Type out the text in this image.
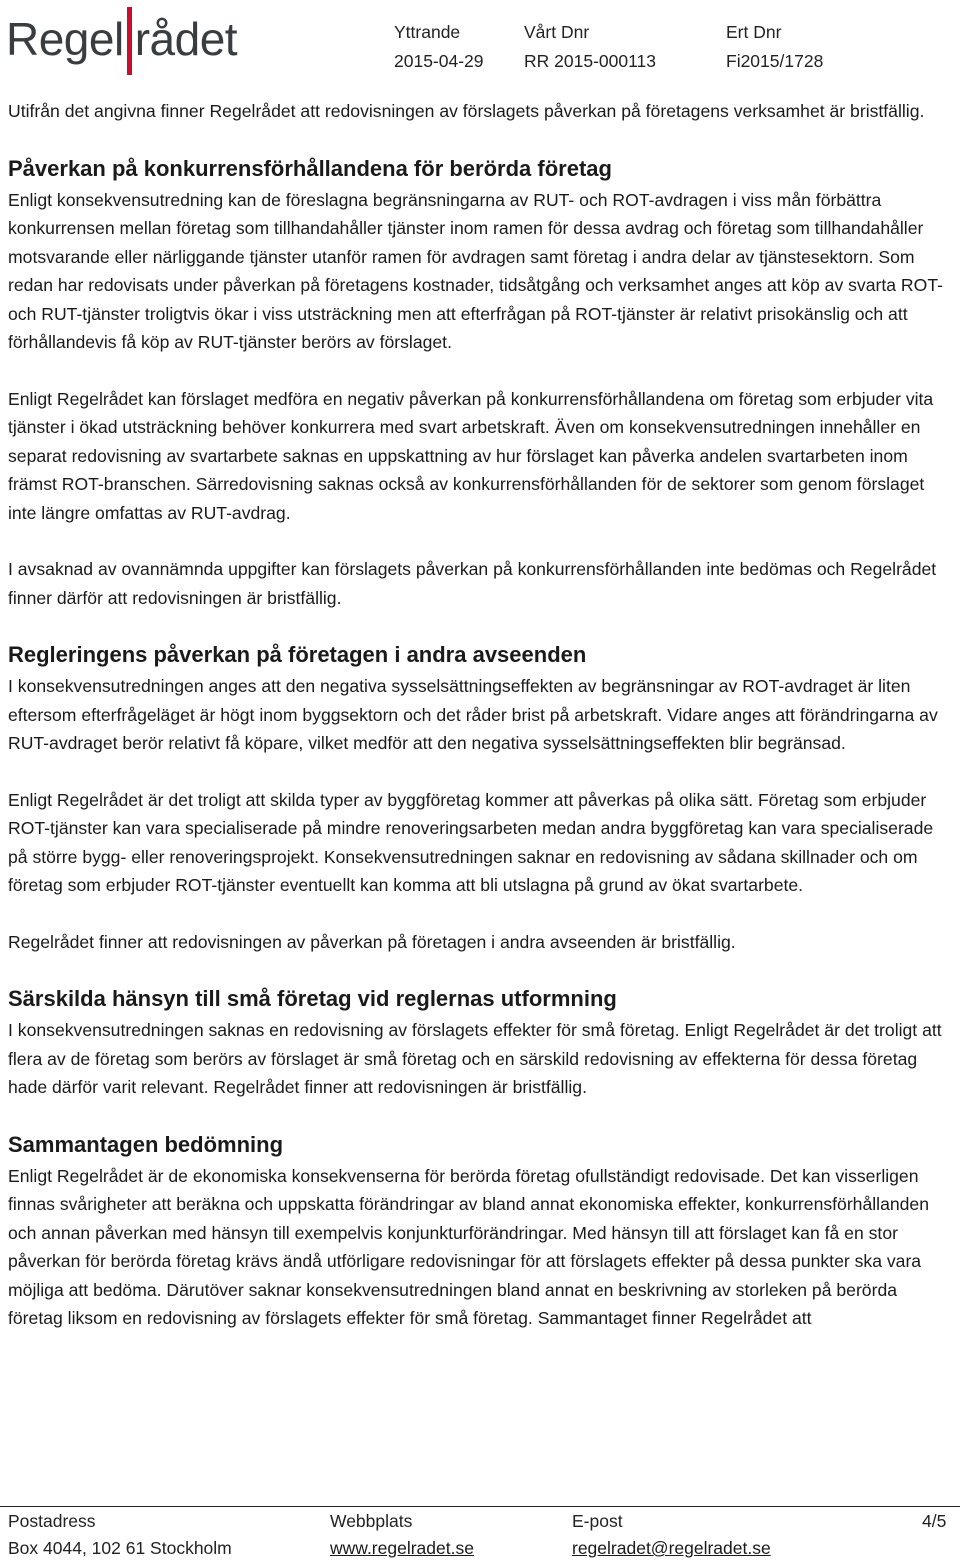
Regel rådet	Yttrande
2015-04-29
Vårt Dnr
RR 2015-000113
Ert Dnr
Fi2015/1728

Utifrån det angivna finner Regelrådet att redovisningen av förslagets påverkan på företagens verksamhet är bristfällig.

Påverkan på konkurrensförhållandena för berörda företag

Enligt konsekvensutredning kan de föreslagna begränsningarna av RUT- och ROT-avdragen i viss mån förbättra konkurrensen mellan företag som tillhandahåller tjänster inom ramen för dessa avdrag och företag som tillhandahåller motsvarande eller närliggande tjänster utanför ramen för avdragen samt företag i andra delar av tjänstesektorn. Som redan har redovisats under påverkan på företagens kostnader, tidsåtgång och verksamhet anges att köp av svarta ROT- och RUT-tjänster troligtvis ökar i viss utsträckning men att efterfrågan på ROT-tjänster är relativt prisokänslig och att förhållandevis få köp av RUT-tjänster berörs av förslaget.

Enligt Regelrådet kan förslaget medföra en negativ påverkan på konkurrensförhållandena om företag som erbjuder vita tjänster i ökad utsträckning behöver konkurrera med svart arbetskraft. Även om konsekvensutredningen innehåller en separat redovisning av svartarbete saknas en uppskattning av hur förslaget kan påverka andelen svartarbeten inom främst ROT-branschen. Särredovisning saknas också av konkurrensförhållanden för de sektorer som genom förslaget inte längre omfattas av RUT-avdrag.

I avsaknad av ovannämnda uppgifter kan förslagets påverkan på konkurrensförhållanden inte bedömas och Regelrådet finner därför att redovisningen är bristfällig.

Regleringens påverkan på företagen i andra avseenden

I konsekvensutredningen anges att den negativa sysselsättningseffekten av begränsningar av ROT-avdraget är liten eftersom efterfrågeläget är högt inom byggsektorn och det råder brist på arbetskraft. Vidare anges att förändringarna av RUT-avdraget berör relativt få köpare, vilket medför att den negativa sysselsättningseffekten blir begränsad.

Enligt Regelrådet är det troligt att skilda typer av byggföretag kommer att påverkas på olika sätt. Företag som erbjuder ROT-tjänster kan vara specialiserade på mindre renoveringsarbeten medan andra byggföretag kan vara specialiserade på större bygg- eller renoveringsprojekt. Konsekvensutredningen saknar en redovisning av sådana skillnader och om företag som erbjuder ROT-tjänster eventuellt kan komma att bli utslagna på grund av ökat svartarbete.

Regelrådet finner att redovisningen av påverkan på företagen i andra avseenden är bristfällig.

Särskilda hänsyn till små företag vid reglernas utformning

I konsekvensutredningen saknas en redovisning av förslagets effekter för små företag. Enligt Regelrådet är det troligt att flera av de företag som berörs av förslaget är små företag och en särskild redovisning av effekterna för dessa företag hade därför varit relevant. Regelrådet finner att redovisningen är bristfällig.

Sammantagen bedömning

Enligt Regelrådet är de ekonomiska konsekvenserna för berörda företag ofullständigt redovisade. Det kan visserligen finnas svårigheter att beräkna och uppskatta förändringar av bland annat ekonomiska effekter, konkurrensförhållanden och annan påverkan med hänsyn till exempelvis konjunkturförändringar. Med hänsyn till att förslaget kan få en stor påverkan för berörda företag krävs ändå utförligare redovisningar för att förslagets effekter på dessa punkter ska vara möjliga att bedöma. Därutöver saknar konsekvensutredningen bland annat en beskrivning av storleken på berörda företag liksom en redovisning av förslagets effekter för små företag. Sammantaget finner Regelrådet att

Postadress
Box 4044, 102 61 Stockholm
Webbplats
www.regelradet.se
E-post
regelradet@regelradet.se
4/5
